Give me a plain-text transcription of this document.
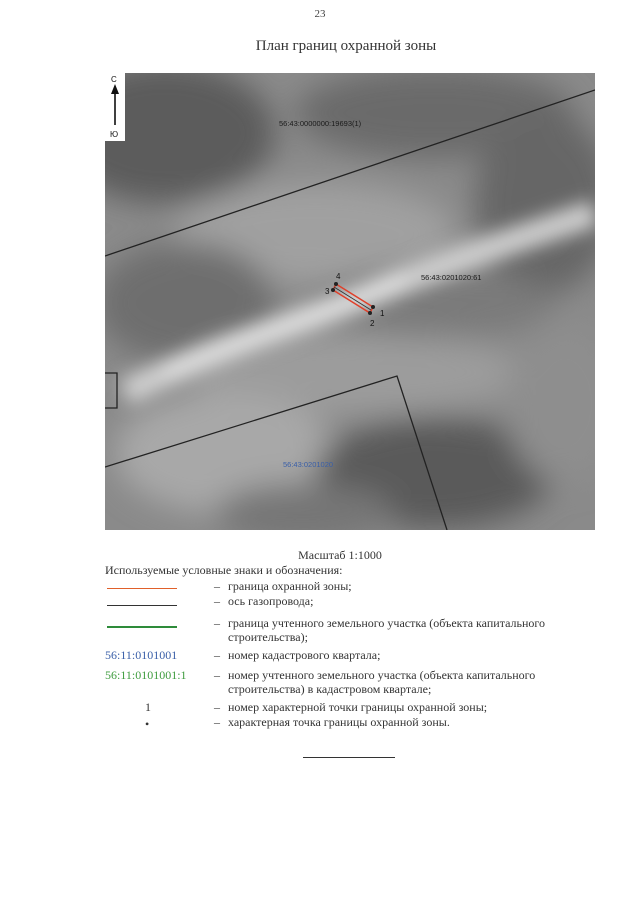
23
План границ охранной зоны
1
2
3
4
56:43:0000000:19693(1)
56:43:0201020:61
56:43:0201020
С
Ю
Масштаб 1:1000
Используемые условные знаки и обозначения:
– граница охранной зоны;
– ось газопровода;
– граница учтенного земельного участка (объекта капитального строительства);
56:11:0101001	– номер кадастрового квартала;
56:11:0101001:1	– номер учтенного земельного участка (объекта капитального строительства) в кадастровом квартале;
1	– номер характерной точки границы охранной зоны;
•	– характерная точка границы охранной зоны.
